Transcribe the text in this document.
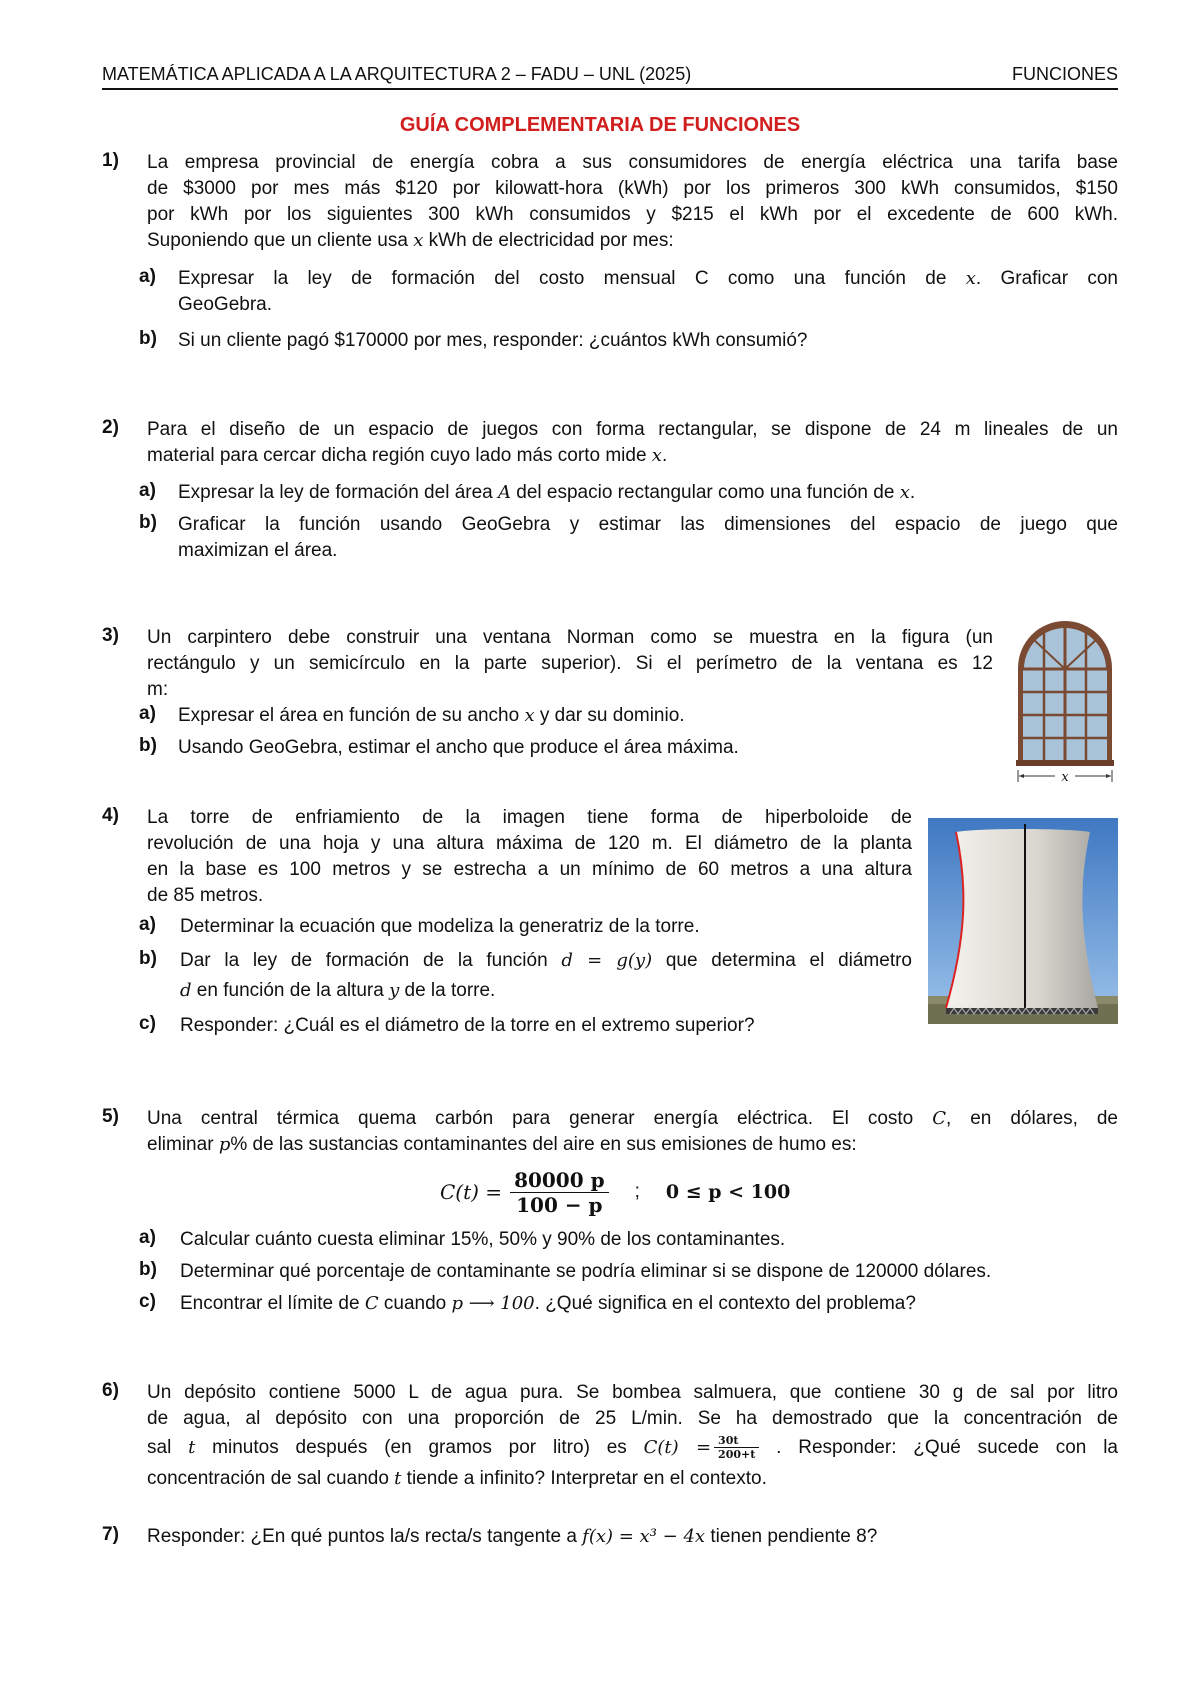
MATEMÁTICA APLICADA A LA ARQUITECTURA 2 – FADU – UNL (2025)	FUNCIONES
GUÍA COMPLEMENTARIA DE FUNCIONES
1) La empresa provincial de energía cobra a sus consumidores de energía eléctrica una tarifa base
de $3000 por mes más $120 por kilowatt-hora (kWh) por los primeros 300 kWh consumidos, $150
por kWh por los siguientes 300 kWh consumidos y $215 el kWh por el excedente de 600 kWh.
Suponiendo que un cliente usa x kWh de electricidad por mes:
a) Expresar la ley de formación del costo mensual C como una función de x. Graficar con
GeoGebra.
b) Si un cliente pagó $170000 por mes, responder: ¿cuántos kWh consumió?
2) Para el diseño de un espacio de juegos con forma rectangular, se dispone de 24 m lineales de un
material para cercar dicha región cuyo lado más corto mide x.
a) Expresar la ley de formación del área A del espacio rectangular como una función de x.
b) Graficar la función usando GeoGebra y estimar las dimensiones del espacio de juego que
maximizan el área.
3) Un carpintero debe construir una ventana Norman como se muestra en la figura (un
rectángulo y un semicírculo en la parte superior). Si el perímetro de la ventana es 12
m:
a) Expresar el área en función de su ancho x y dar su dominio.
b) Usando GeoGebra, estimar el ancho que produce el área máxima.
x
4) La torre de enfriamiento de la imagen tiene forma de hiperboloide de
revolución de una hoja y una altura máxima de 120 m. El diámetro de la planta
en la base es 100 metros y se estrecha a un mínimo de 60 metros a una altura
de 85 metros.
a) Determinar la ecuación que modeliza la generatriz de la torre.
b) Dar la ley de formación de la función d = g(y) que determina el diámetro
d en función de la altura y de la torre.
c) Responder: ¿Cuál es el diámetro de la torre en el extremo superior?
5) Una central térmica quema carbón para generar energía eléctrica. El costo C, en dólares, de
eliminar p% de las sustancias contaminantes del aire en sus emisiones de humo es:
$C(t) = \frac{80000 p}{100 - p}$ ; 0 ≤ p < 100
a) Calcular cuánto cuesta eliminar 15%, 50% y 90% de los contaminantes.
b) Determinar qué porcentaje de contaminante se podría eliminar si se dispone de 120000 dólares.
c) Encontrar el límite de C cuando p ⟶ 100. ¿Qué significa en el contexto del problema?
6) Un depósito contiene 5000 L de agua pura. Se bombea salmuera, que contiene 30 g de sal por litro
de agua, al depósito con una proporción de 25 L/min. Se ha demostrado que la concentración de
sal t minutos después (en gramos por litro) es $C(t) = \frac{30t}{200+t}$ . Responder: ¿Qué sucede con la
concentración de sal cuando t tiende a infinito? Interpretar en el contexto.
7) Responder: ¿En qué puntos la/s recta/s tangente a f(x) = x³ − 4x tienen pendiente 8?
